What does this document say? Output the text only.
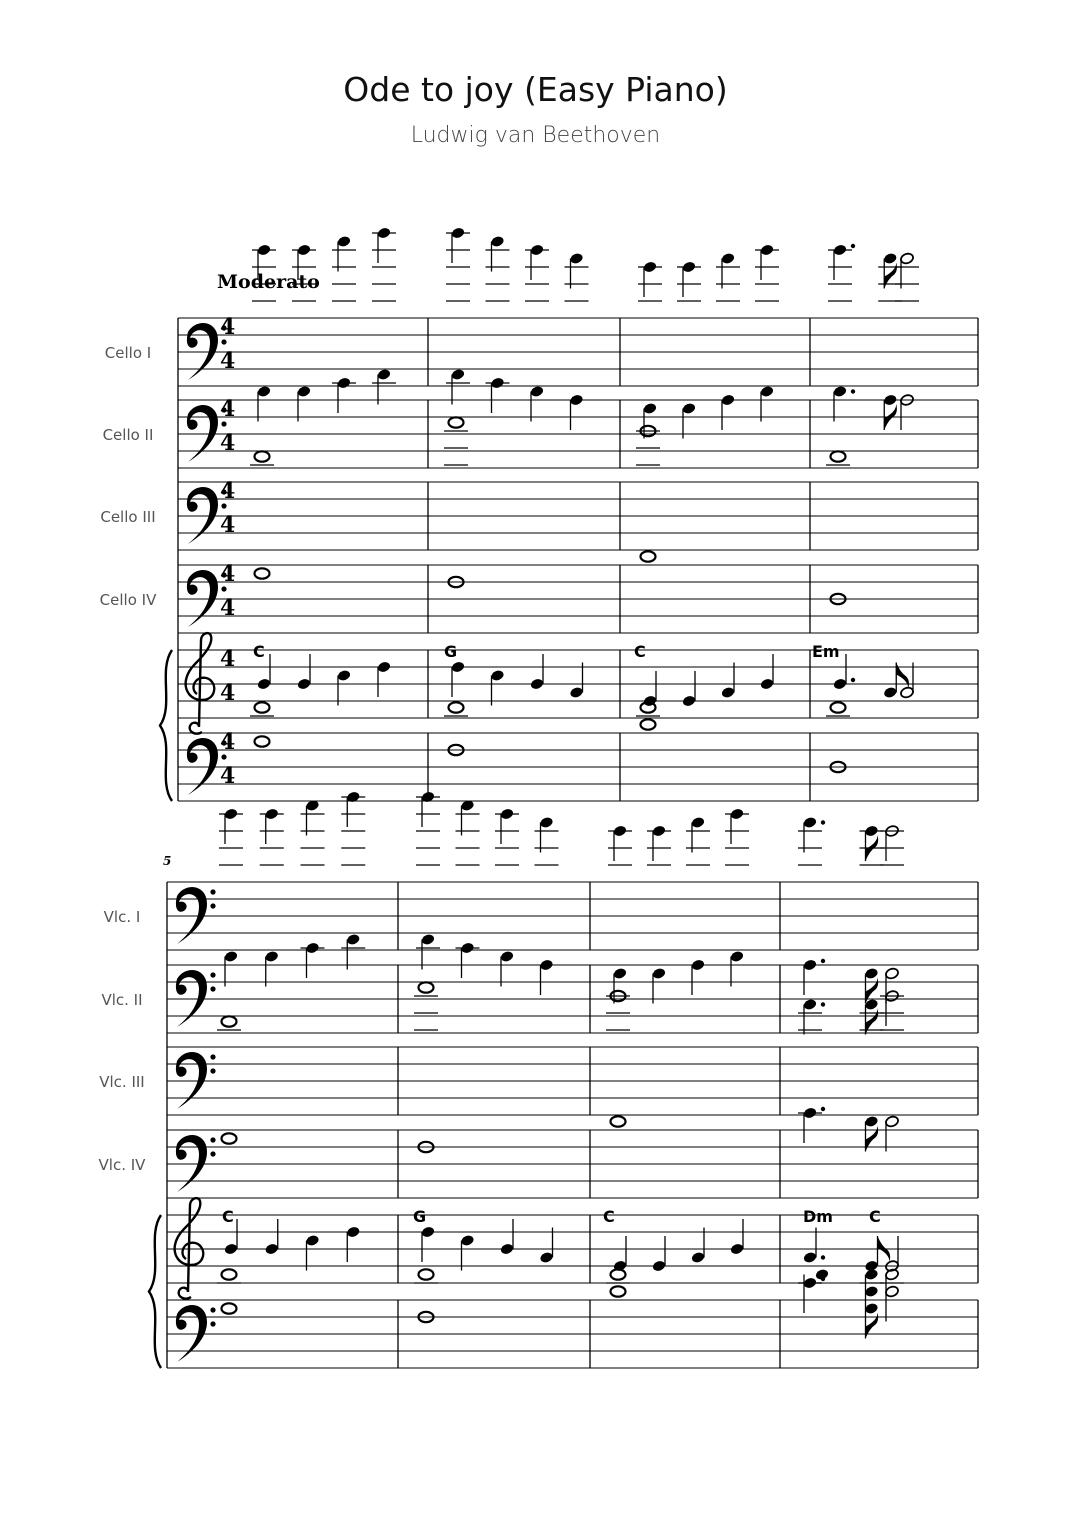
Ode to joy (Easy Piano)
Ludwig van Beethoven
4
4
4
4
4
4
4
4
4
4
4
4
Cello I
Cello II
Cello III
Cello IV
C	G	C	Em
Moderato
Vlc. I
Vlc. II
Vlc. III
Vlc. IV
C	G	C	Dm C
5
